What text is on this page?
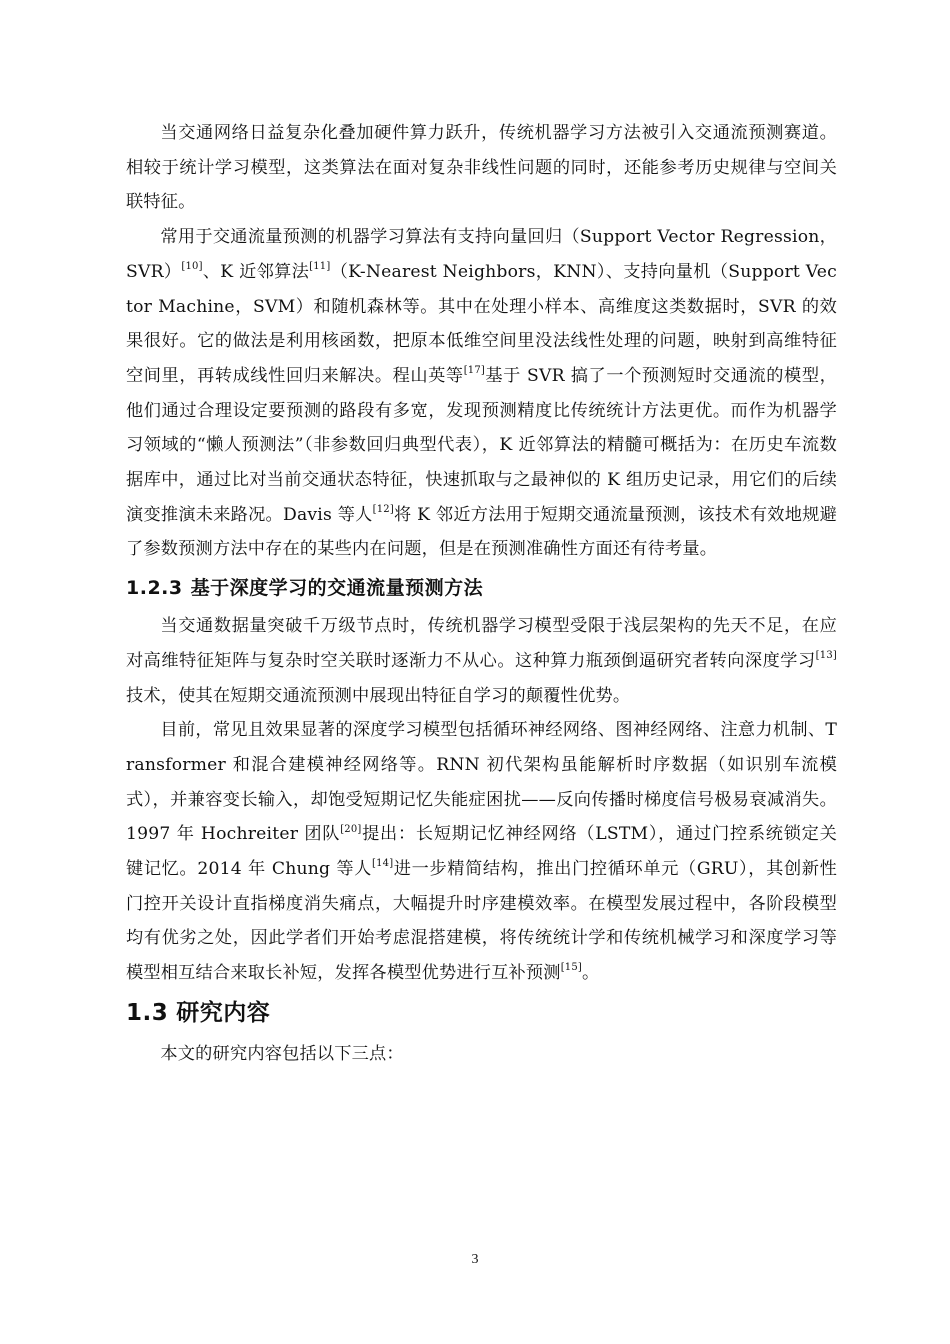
当交通网络日益复杂化叠加硬件算力跃升，传统机器学习方法被引入交通流预测赛道。相较于统计学习模型，这类算法在面对复杂非线性问题的同时，还能参考历史规律与空间关联特征。

常用于交通流量预测的机器学习算法有支持向量回归（Support Vector Regression，SVR）[10]、K 近邻算法[11]（K-Nearest Neighbors，KNN）、支持向量机（Support Vector Machine，SVM）和随机森林等。其中在处理小样本、高维度这类数据时，SVR 的效果很好。它的做法是利用核函数，把原本低维空间里没法线性处理的问题，映射到高维特征空间里，再转成线性回归来解决。程山英等[17]基于 SVR 搞了一个预测短时交通流的模型，他们通过合理设定要预测的路段有多宽，发现预测精度比传统统计方法更优。而作为机器学习领域的“懒人预测法”（非参数回归典型代表），K 近邻算法的精髓可概括为：在历史车流数据库中，通过比对当前交通状态特征，快速抓取与之最神似的 K 组历史记录，用它们的后续演变推演未来路况。Davis 等人[12]将 K 邻近方法用于短期交通流量预测，该技术有效地规避了参数预测方法中存在的某些内在问题，但是在预测准确性方面还有待考量。

1.2.3 基于深度学习的交通流量预测方法

当交通数据量突破千万级节点时，传统机器学习模型受限于浅层架构的先天不足，在应对高维特征矩阵与复杂时空关联时逐渐力不从心。这种算力瓶颈倒逼研究者转向深度学习[13]技术，使其在短期交通流预测中展现出特征自学习的颠覆性优势。

目前，常见且效果显著的深度学习模型包括循环神经网络、图神经网络、注意力机制、Transformer 和混合建模神经网络等。RNN 初代架构虽能解析时序数据（如识别车流模式），并兼容变长输入，却饱受短期记忆失能症困扰——反向传播时梯度信号极易衰减消失。1997 年 Hochreiter 团队[20]提出：长短期记忆神经网络（LSTM），通过门控系统锁定关键记忆。2014 年 Chung 等人[14]进一步精简结构，推出门控循环单元（GRU），其创新性门控开关设计直指梯度消失痛点，大幅提升时序建模效率。在模型发展过程中，各阶段模型均有优劣之处，因此学者们开始考虑混搭建模，将传统统计学和传统机械学习和深度学习等模型相互结合来取长补短，发挥各模型优势进行互补预测[15]。

1.3 研究内容

本文的研究内容包括以下三点：

3
